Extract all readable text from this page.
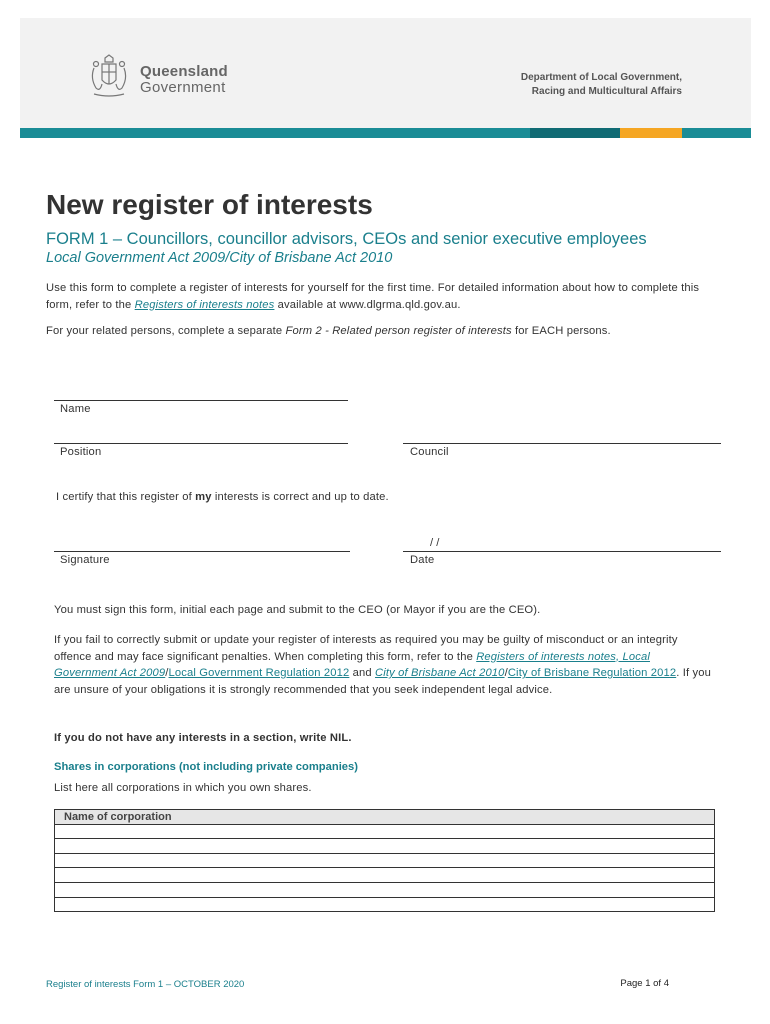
Queensland
Government
Department of Local Government,
Racing and Multicultural Affairs
New register of interests
FORM 1 – Councillors, councillor advisors, CEOs and senior executive employees
Local Government Act 2009/City of Brisbane Act 2010
Use this form to complete a register of interests for yourself for the first time. For detailed information about how to complete this form, refer to the Registers of interests notes available at www.dlgrma.qld.gov.au.
For your related persons, complete a separate Form 2 - Related person register of interests for EACH persons.
Name
Position	Council
I certify that this register of my interests is correct and up to date.
/ /
Signature	Date
You must sign this form, initial each page and submit to the CEO (or Mayor if you are the CEO).
If you fail to correctly submit or update your register of interests as required you may be guilty of misconduct or an integrity offence and may face significant penalties. When completing this form, refer to the Registers of interests notes, Local Government Act 2009/Local Government Regulation 2012 and City of Brisbane Act 2010/City of Brisbane Regulation 2012. If you are unsure of your obligations it is strongly recommended that you seek independent legal advice.
If you do not have any interests in a section, write NIL.
Shares in corporations (not including private companies)
List here all corporations in which you own shares.
Name of corporation

Register of interests Form 1 – OCTOBER 2020	Page 1 of 4
